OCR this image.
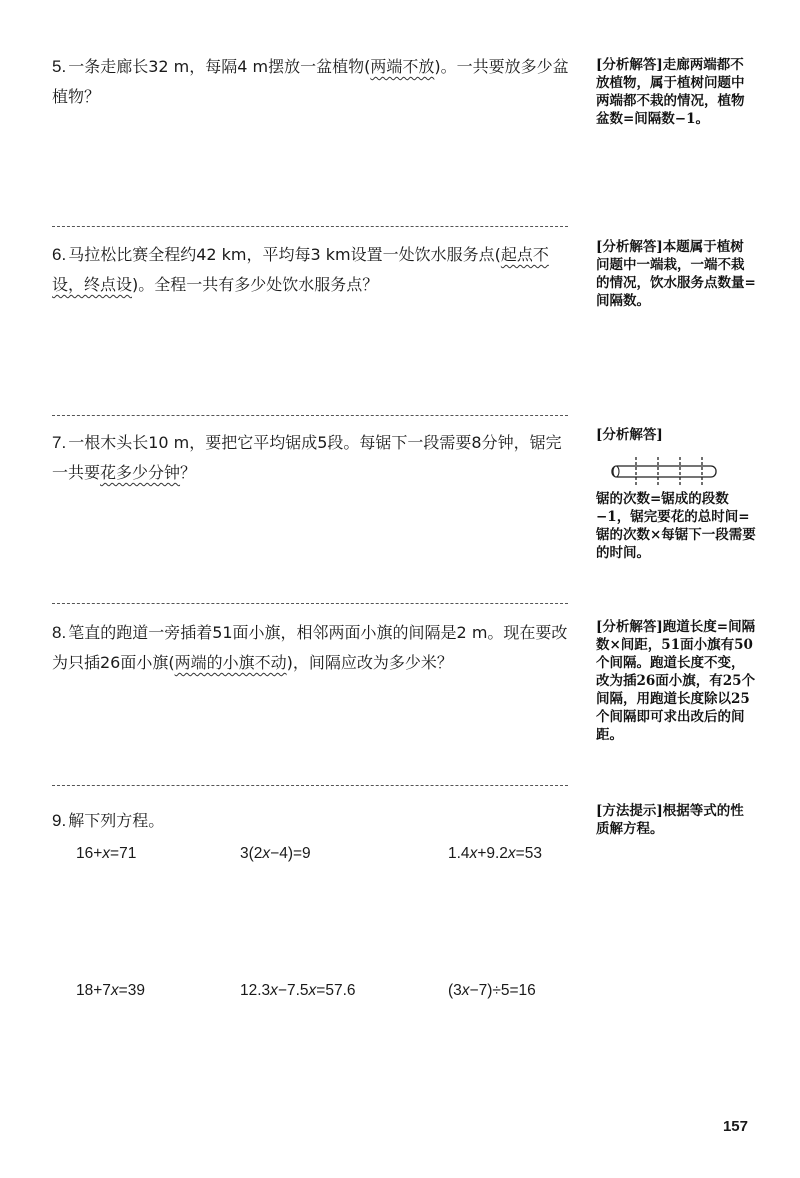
5. 一条走廊长32 m，每隔4 m摆放一盆植物(两端不放)。一共要放多少盆植物？
[分析解答]走廊两端都不放植物，属于植树问题中两端都不栽的情况，植物盆数=间隔数−1。
6. 马拉松比赛全程约42 km，平均每3 km设置一处饮水服务点(起点不设，终点设)。全程一共有多少处饮水服务点？
[分析解答]本题属于植树问题中一端栽，一端不栽的情况，饮水服务点数量=间隔数。
7. 一根木头长10 m，要把它平均锯成5段。每锯下一段需要8分钟，锯完一共要花多少分钟？
[分析解答]
锯的次数=锯成的段数−1，锯完要花的总时间=锯的次数×每锯下一段需要的时间。
8. 笔直的跑道一旁插着51面小旗，相邻两面小旗的间隔是2 m。现在要改为只插26面小旗(两端的小旗不动)，间隔应改为多少米？
[分析解答]跑道长度=间隔数×间距，51面小旗有50个间隔。跑道长度不变，改为插26面小旗，有25个间隔，用跑道长度除以25个间隔即可求出改后的间距。
9. 解下列方程。	[方法提示]根据等式的性质解方程。
16+x=71	3(2x−4)=9	1.4x+9.2x=53
18+7x=39	12.3x−7.5x=57.6	(3x−7)÷5=16
157
